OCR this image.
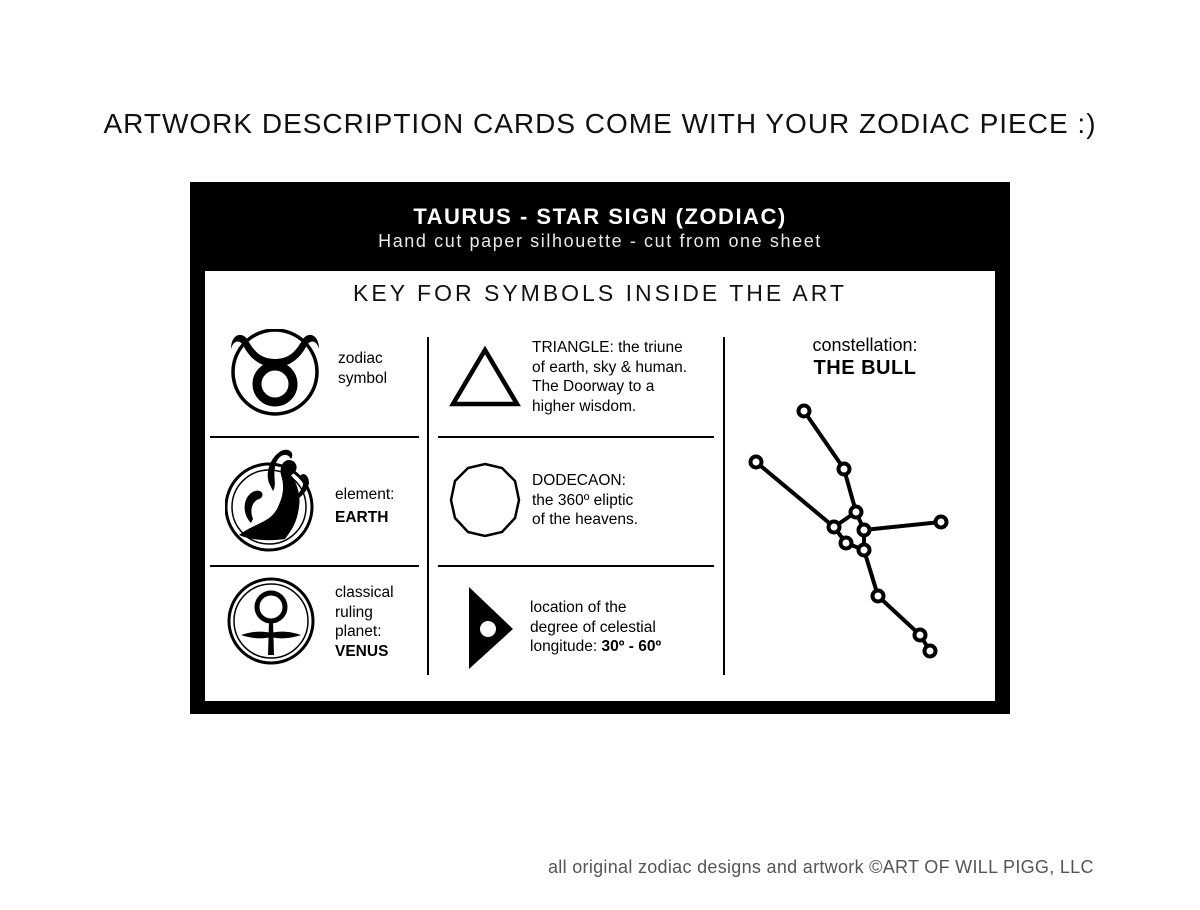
ARTWORK DESCRIPTION CARDS COME WITH YOUR ZODIAC PIECE :)
TAURUS - STAR SIGN (ZODIAC)
Hand cut paper silhouette - cut from one sheet
KEY FOR SYMBOLS INSIDE THE ART
zodiac
symbol
element:
EARTH
classical
ruling
planet:
VENUS
TRIANGLE: the triune
of earth, sky & human.
The Doorway to a
higher wisdom.
DODECAON:
the 360º eliptic
of the heavens.
location of the
degree of celestial
longitude: 30º - 60º
constellation:
THE BULL
all original zodiac designs and artwork ©ART OF WILL PIGG, LLC
